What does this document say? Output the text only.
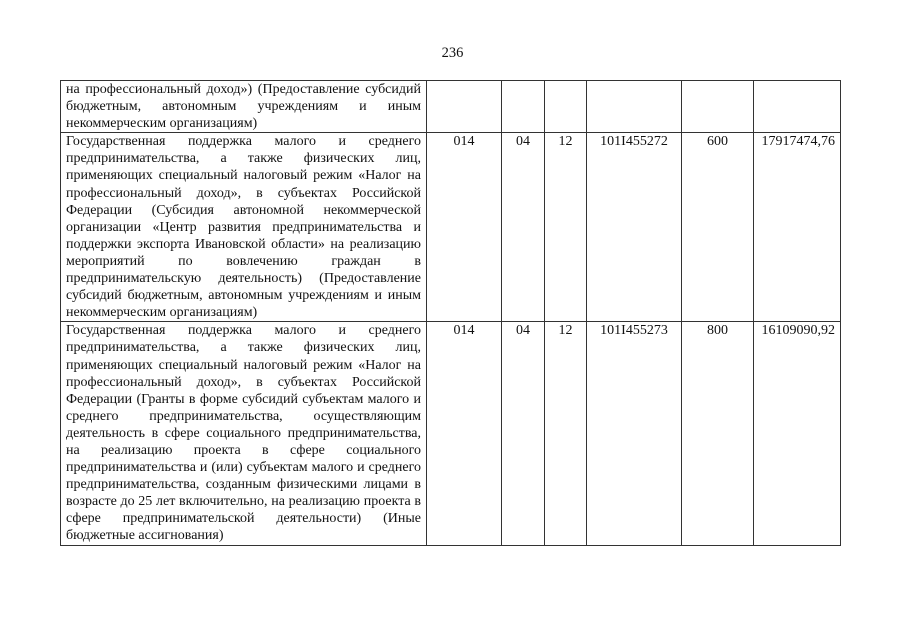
236
на профессиональный доход») (Предоставление субсидий бюджетным, автономным учреждениям и иным некоммерческим организациям)						
Государственная поддержка малого и среднего предпринимательства, а также физических лиц, применяющих специальный налоговый режим «Налог на профессиональный доход», в субъектах Российской Федерации (Субсидия автономной некоммерческой организации «Центр развития предпринимательства и поддержки экспорта Ивановской области» на реализацию мероприятий по вовлечению граждан в предпринимательскую деятельность) (Предоставление субсидий бюджетным, автономным учреждениям и иным некоммерческим организациям)	014	04	12	101I455272	600	17917474,76
Государственная поддержка малого и среднего предпринимательства, а также физических лиц, применяющих специальный налоговый режим «Налог на профессиональный доход», в субъектах Российской Федерации (Гранты в форме субсидий субъектам малого и среднего предпринимательства, осуществляющим деятельность в сфере социального предпринимательства, на реализацию проекта в сфере социального предпринимательства и (или) субъектам малого и среднего предпринимательства, созданным физическими лицами в возрасте до 25 лет включительно, на реализацию проекта в сфере предпринимательской деятельности) (Иные бюджетные ассигнования)	014	04	12	101I455273	800	16109090,92
